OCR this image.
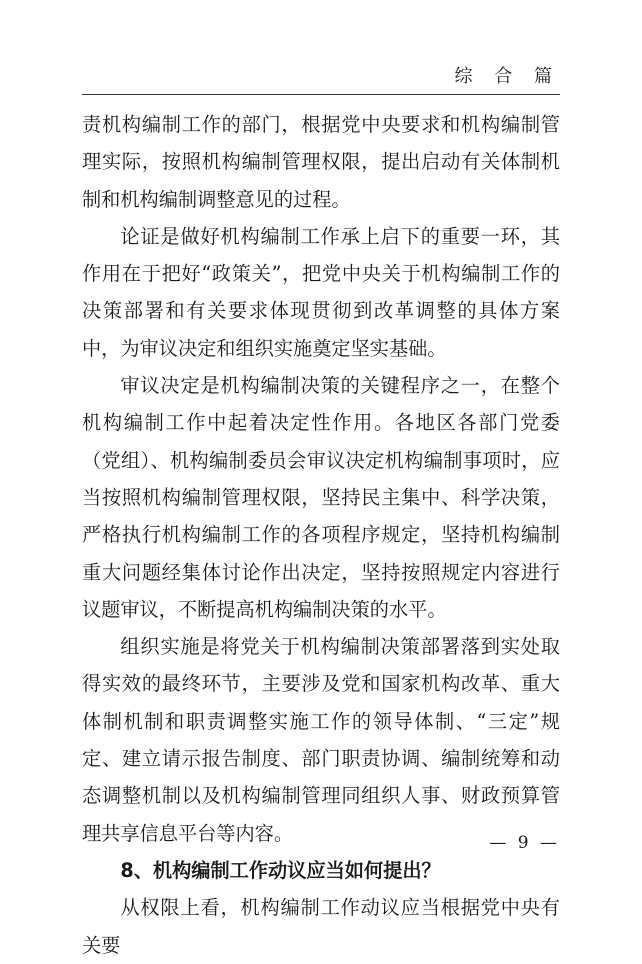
综 合 篇

责机构编制工作的部门，根据党中央要求和机构编制管理实际，按照机构编制管理权限，提出启动有关体制机制和机构编制调整意见的过程。

论证是做好机构编制工作承上启下的重要一环，其作用在于把好“政策关”，把党中央关于机构编制工作的决策部署和有关要求体现贯彻到改革调整的具体方案中，为审议决定和组织实施奠定坚实基础。

审议决定是机构编制决策的关键程序之一，在整个机构编制工作中起着决定性作用。各地区各部门党委（党组）、机构编制委员会审议决定机构编制事项时，应当按照机构编制管理权限，坚持民主集中、科学决策，严格执行机构编制工作的各项程序规定，坚持机构编制重大问题经集体讨论作出决定，坚持按照规定内容进行议题审议，不断提高机构编制决策的水平。

组织实施是将党关于机构编制决策部署落到实处取得实效的最终环节，主要涉及党和国家机构改革、重大体制机制和职责调整实施工作的领导体制、“三定”规定、建立请示报告制度、部门职责协调、编制统筹和动态调整机制以及机构编制管理同组织人事、财政预算管理共享信息平台等内容。

8、机构编制工作动议应当如何提出？

从权限上看，机构编制工作动议应当根据党中央有关要

— 9 —
